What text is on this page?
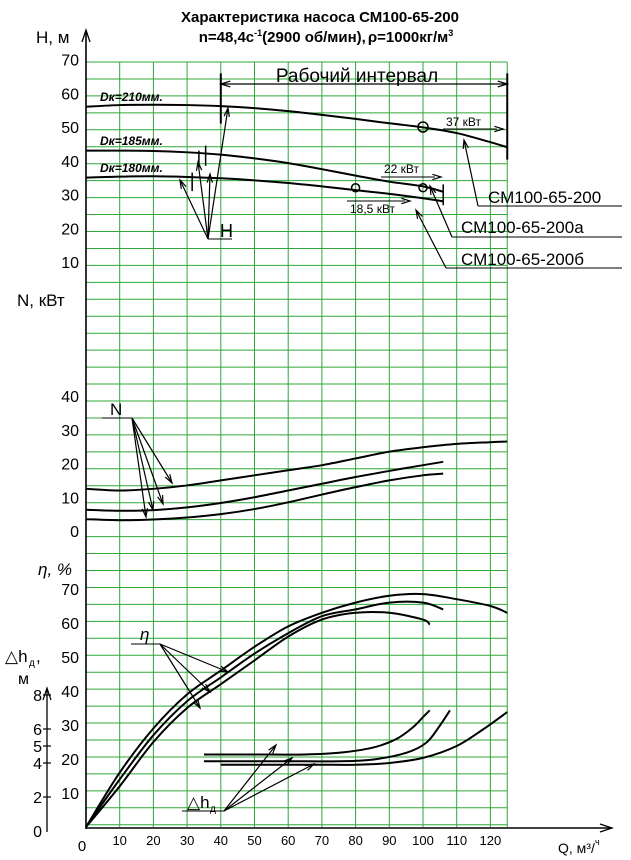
0 10 20 30 40 50 60 70 80 90 100 110 120	Q, м³/ ч
10
20
30
40
50
60
70
0
10
20
30
40
10
20
30
40
50
60
70
0
2
4
5
6
8
Н, м
N, кВт
η, %
△h д ,
м
Dк=210мм.
Dк=185мм.
Dк=180мм.
37 кВт
22 кВт
18,5 кВт
Н
СМ100-65-200
СМ100-65-200а
СМ100-65-200б
N
η
△h д
Характеристика насоса СМ100-65-200
$n=48,4c^{-1}(2900$ об/мин), $\rho=1000кг/м^3$
Рабочий интервал
